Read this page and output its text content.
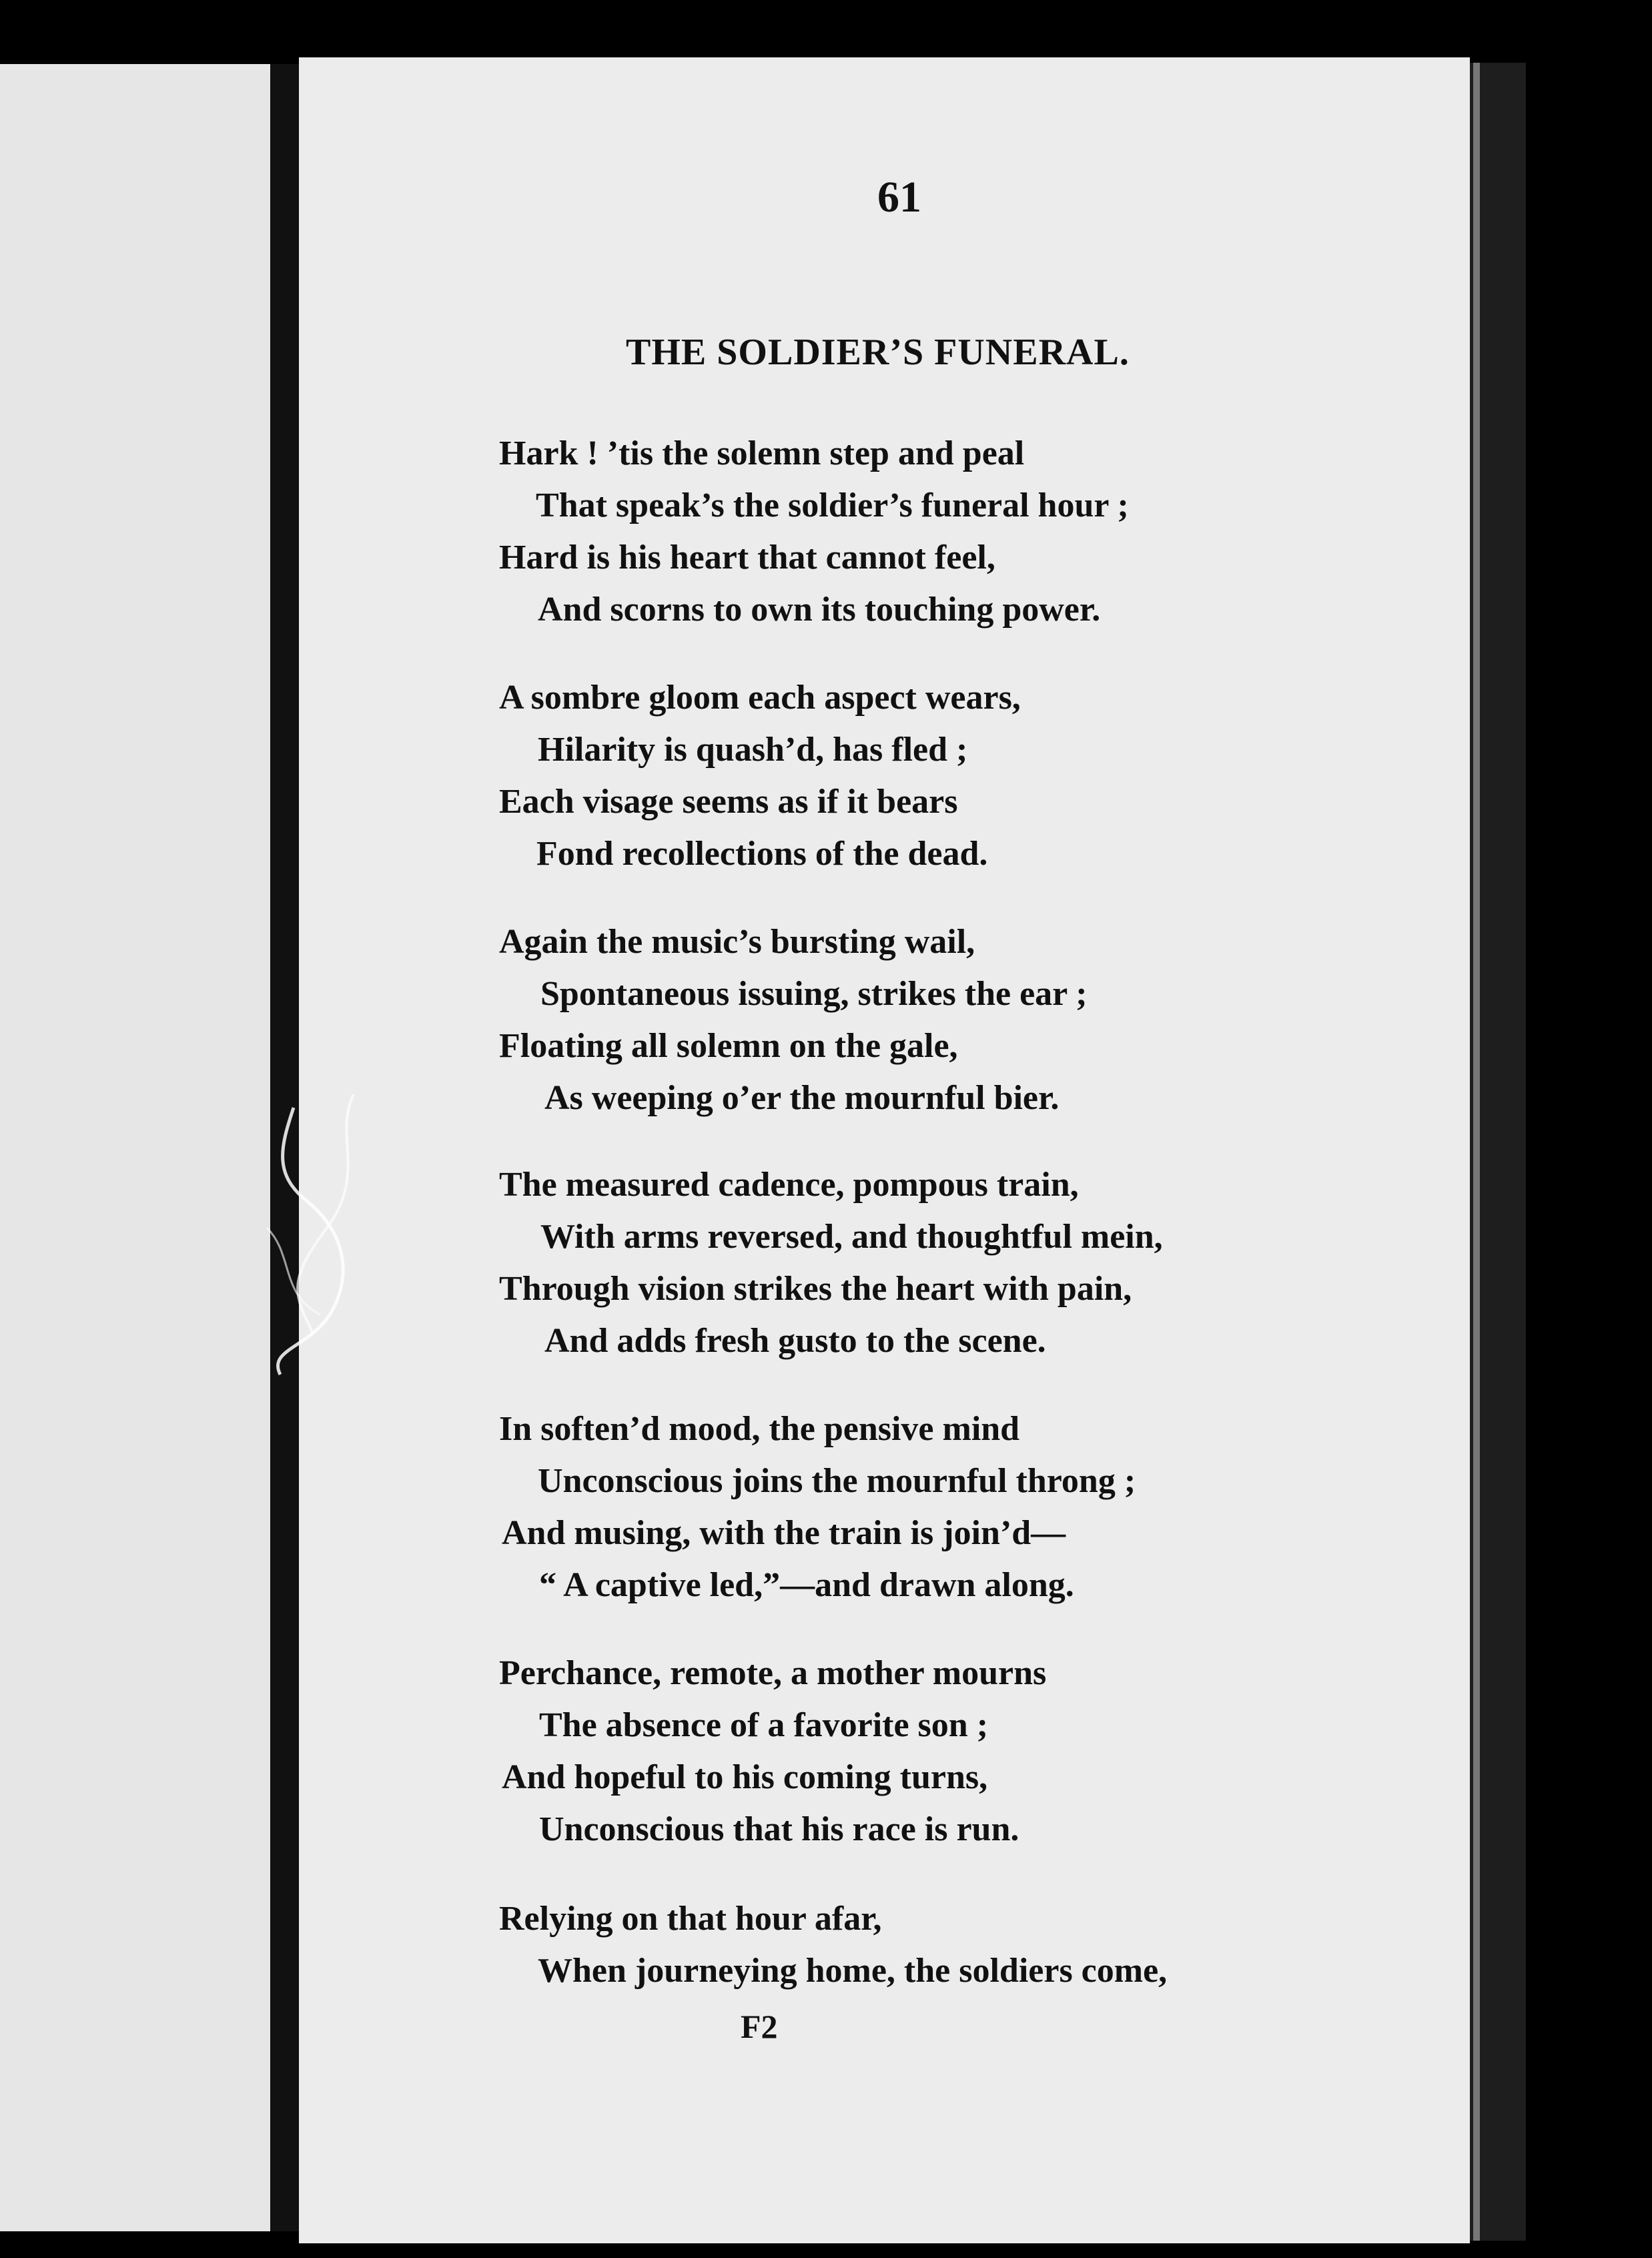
61
THE SOLDIER’S FUNERAL.
Hark ! ’tis the solemn step and peal
That speak’s the soldier’s funeral hour ;
Hard is his heart that cannot feel,
And scorns to own its touching power.
A sombre gloom each aspect wears,
Hilarity is quash’d, has fled ;
Each visage seems as if it bears
Fond recollections of the dead.
Again the music’s bursting wail,
Spontaneous issuing, strikes the ear ;
Floating all solemn on the gale,
As weeping o’er the mournful bier.
The measured cadence, pompous train,
With arms reversed, and thoughtful mein,
Through vision strikes the heart with pain,
And adds fresh gusto to the scene.
In soften’d mood, the pensive mind
Unconscious joins the mournful throng ;
And musing, with the train is join’d—
“ A captive led,”—and drawn along.
Perchance, remote, a mother mourns
The absence of a favorite son ;
And hopeful to his coming turns,
Unconscious that his race is run.
Relying on that hour afar,
When journeying home, the soldiers come,
F2
